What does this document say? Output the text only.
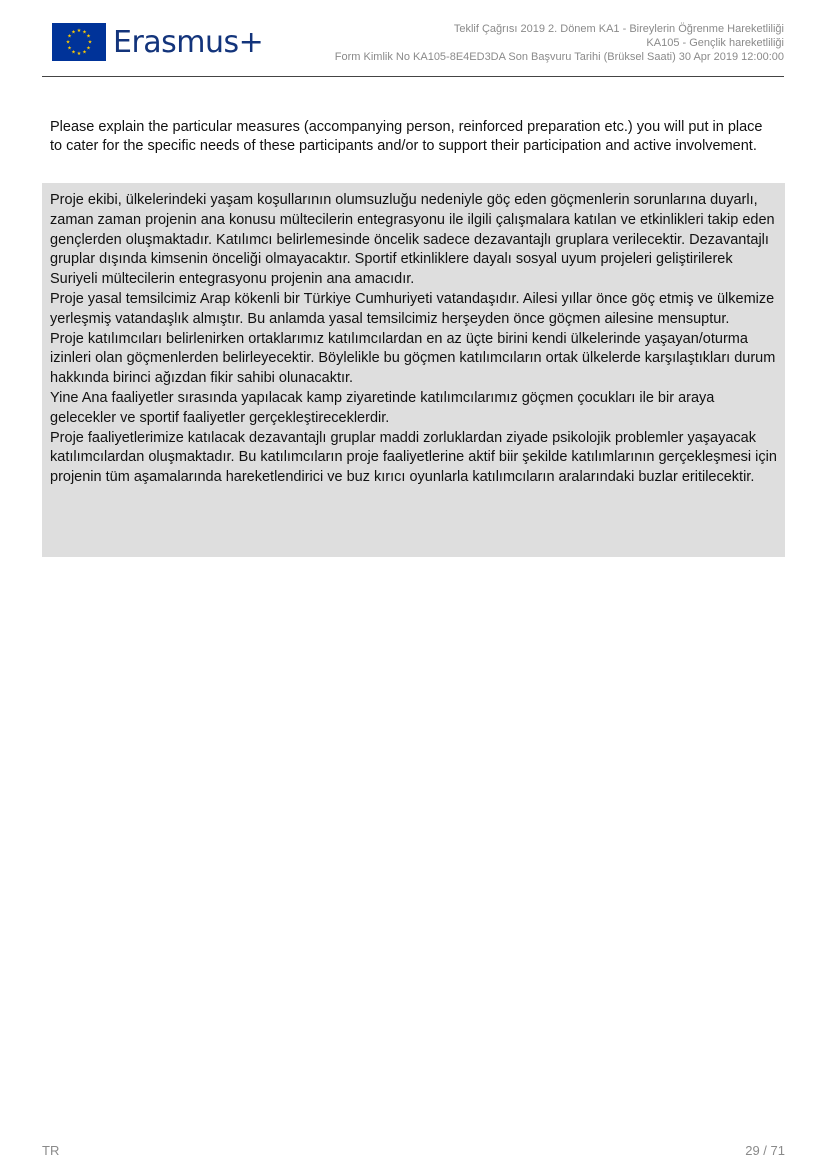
★ ★
★
★
★
★
★
★
★
★
★
★ Erasmus+	Teklif Çağrısı 2019 2. Dönem KA1 - Bireylerin Öğrenme Hareketliliği
KA105 - Gençlik hareketliliği
Form Kimlik No KA105-8E4ED3DA Son Başvuru Tarihi (Brüksel Saati) 30 Apr 2019 12:00:00
Please explain the particular measures (accompanying person, reinforced preparation etc.) you will put in place to cater for the specific needs of these participants and/or to support their participation and active involvement.

Proje ekibi, ülkelerindeki yaşam koşullarının olumsuzluğu nedeniyle göç eden göçmenlerin sorunlarına duyarlı, zaman zaman projenin ana konusu mültecilerin entegrasyonu ile ilgili çalışmalara katılan ve etkinlikleri takip eden gençlerden oluşmaktadır. Katılımcı belirlemesinde öncelik sadece dezavantajlı gruplara verilecektir. Dezavantajlı gruplar dışında kimsenin önceliği olmayacaktır. Sportif etkinliklere dayalı sosyal uyum projeleri geliştirilerek Suriyeli mültecilerin entegrasyonu projenin ana amacıdır.

Proje yasal temsilcimiz Arap kökenli bir Türkiye Cumhuriyeti vatandaşıdır. Ailesi yıllar önce göç etmiş ve ülkemize yerleşmiş vatandaşlık almıştır. Bu anlamda yasal temsilcimiz herşeyden önce göçmen ailesine mensuptur.

Proje katılımcıları belirlenirken ortaklarımız katılımcılardan en az üçte birini kendi ülkelerinde yaşayan/oturma izinleri olan göçmenlerden belirleyecektir. Böylelikle bu göçmen katılımcıların ortak ülkelerde karşılaştıkları durum hakkında birinci ağızdan fikir sahibi olunacaktır.

Yine Ana faaliyetler sırasında yapılacak kamp ziyaretinde katılımcılarımız göçmen çocukları ile bir araya gelecekler ve sportif faaliyetler gerçekleştireceklerdir.

Proje faaliyetlerimize katılacak dezavantajlı gruplar maddi zorluklardan ziyade psikolojik problemler yaşayacak katılımcılardan oluşmaktadır. Bu katılımcıların proje faaliyetlerine aktif biir şekilde katılımlarının gerçekleşmesi için projenin tüm aşamalarında hareketlendirici ve buz kırıcı oyunlarla katılımcıların aralarındaki buzlar eritilecektir.

TR	29 / 71
